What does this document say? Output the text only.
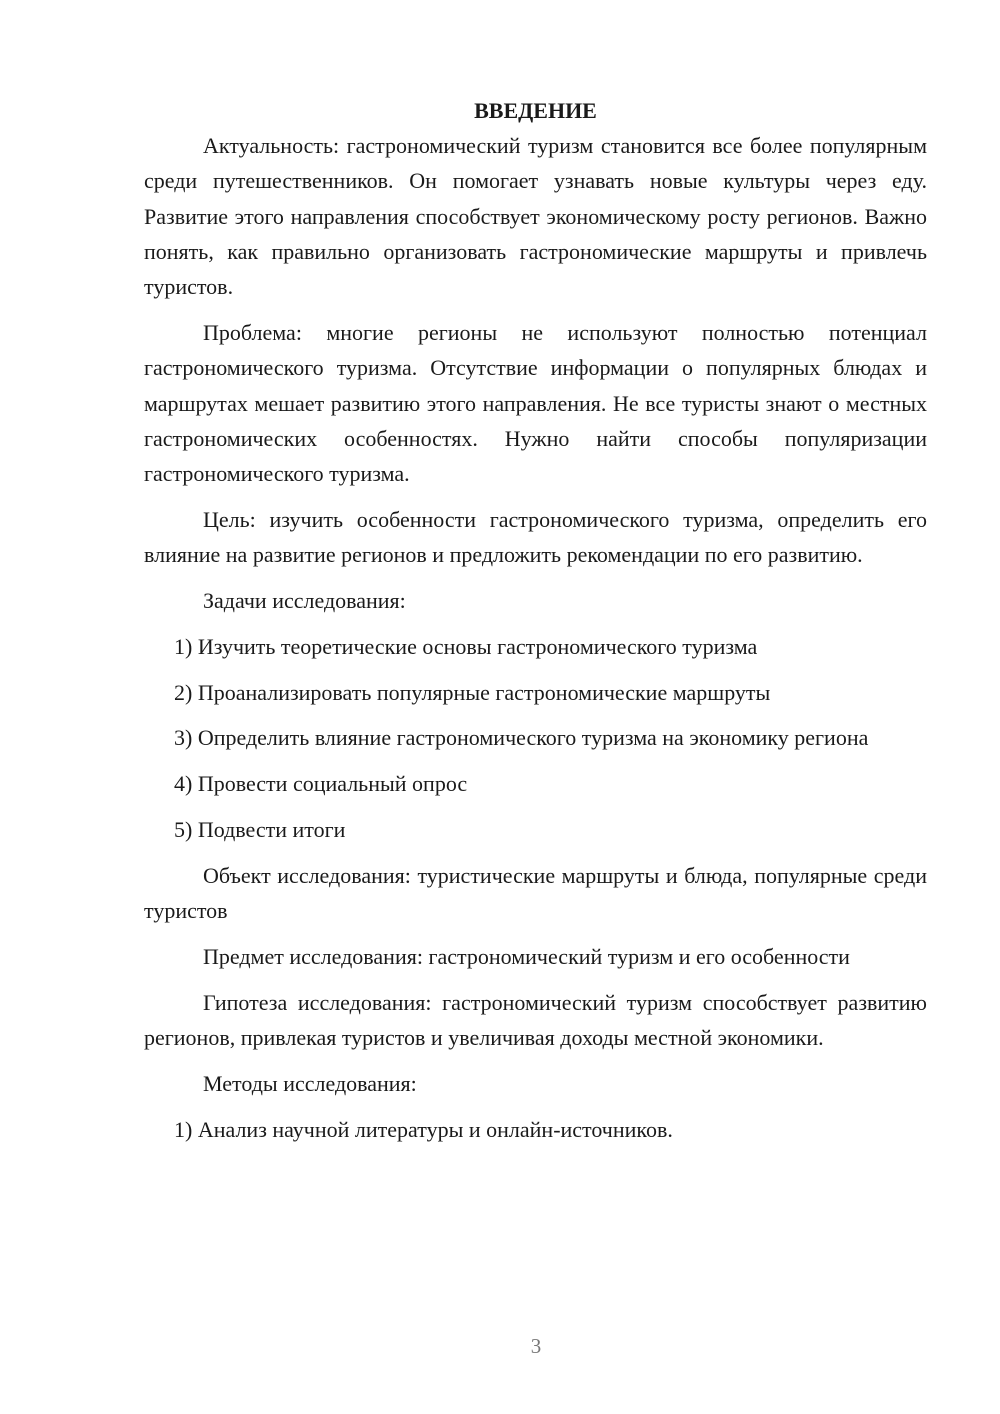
ВВЕДЕНИЕ

Актуальность: гастрономический туризм становится все более популярным среди путешественников. Он помогает узнавать новые культуры через еду. Развитие этого направления способствует экономическому росту регионов. Важно понять, как правильно организовать гастрономические маршруты и привлечь туристов.

Проблема: многие регионы не используют полностью потенциал гастрономического туризма. Отсутствие информации о популярных блюдах и маршрутах мешает развитию этого направления. Не все туристы знают о местных гастрономических особенностях. Нужно найти способы популяризации гастрономического туризма.

Цель: изучить особенности гастрономического туризма, определить его влияние на развитие регионов и предложить рекомендации по его развитию.

Задачи исследования:

1) Изучить теоретические основы гастрономического туризма

2) Проанализировать популярные гастрономические маршруты

3) Определить влияние гастрономического туризма на экономику региона

4) Провести социальный опрос

5) Подвести итоги

Объект исследования: туристические маршруты и блюда, популярные среди туристов

Предмет исследования: гастрономический туризм и его особенности

Гипотеза исследования: гастрономический туризм способствует развитию регионов, привлекая туристов и увеличивая доходы местной экономики.

Методы исследования:

1) Анализ научной литературы и онлайн-источников.

3
